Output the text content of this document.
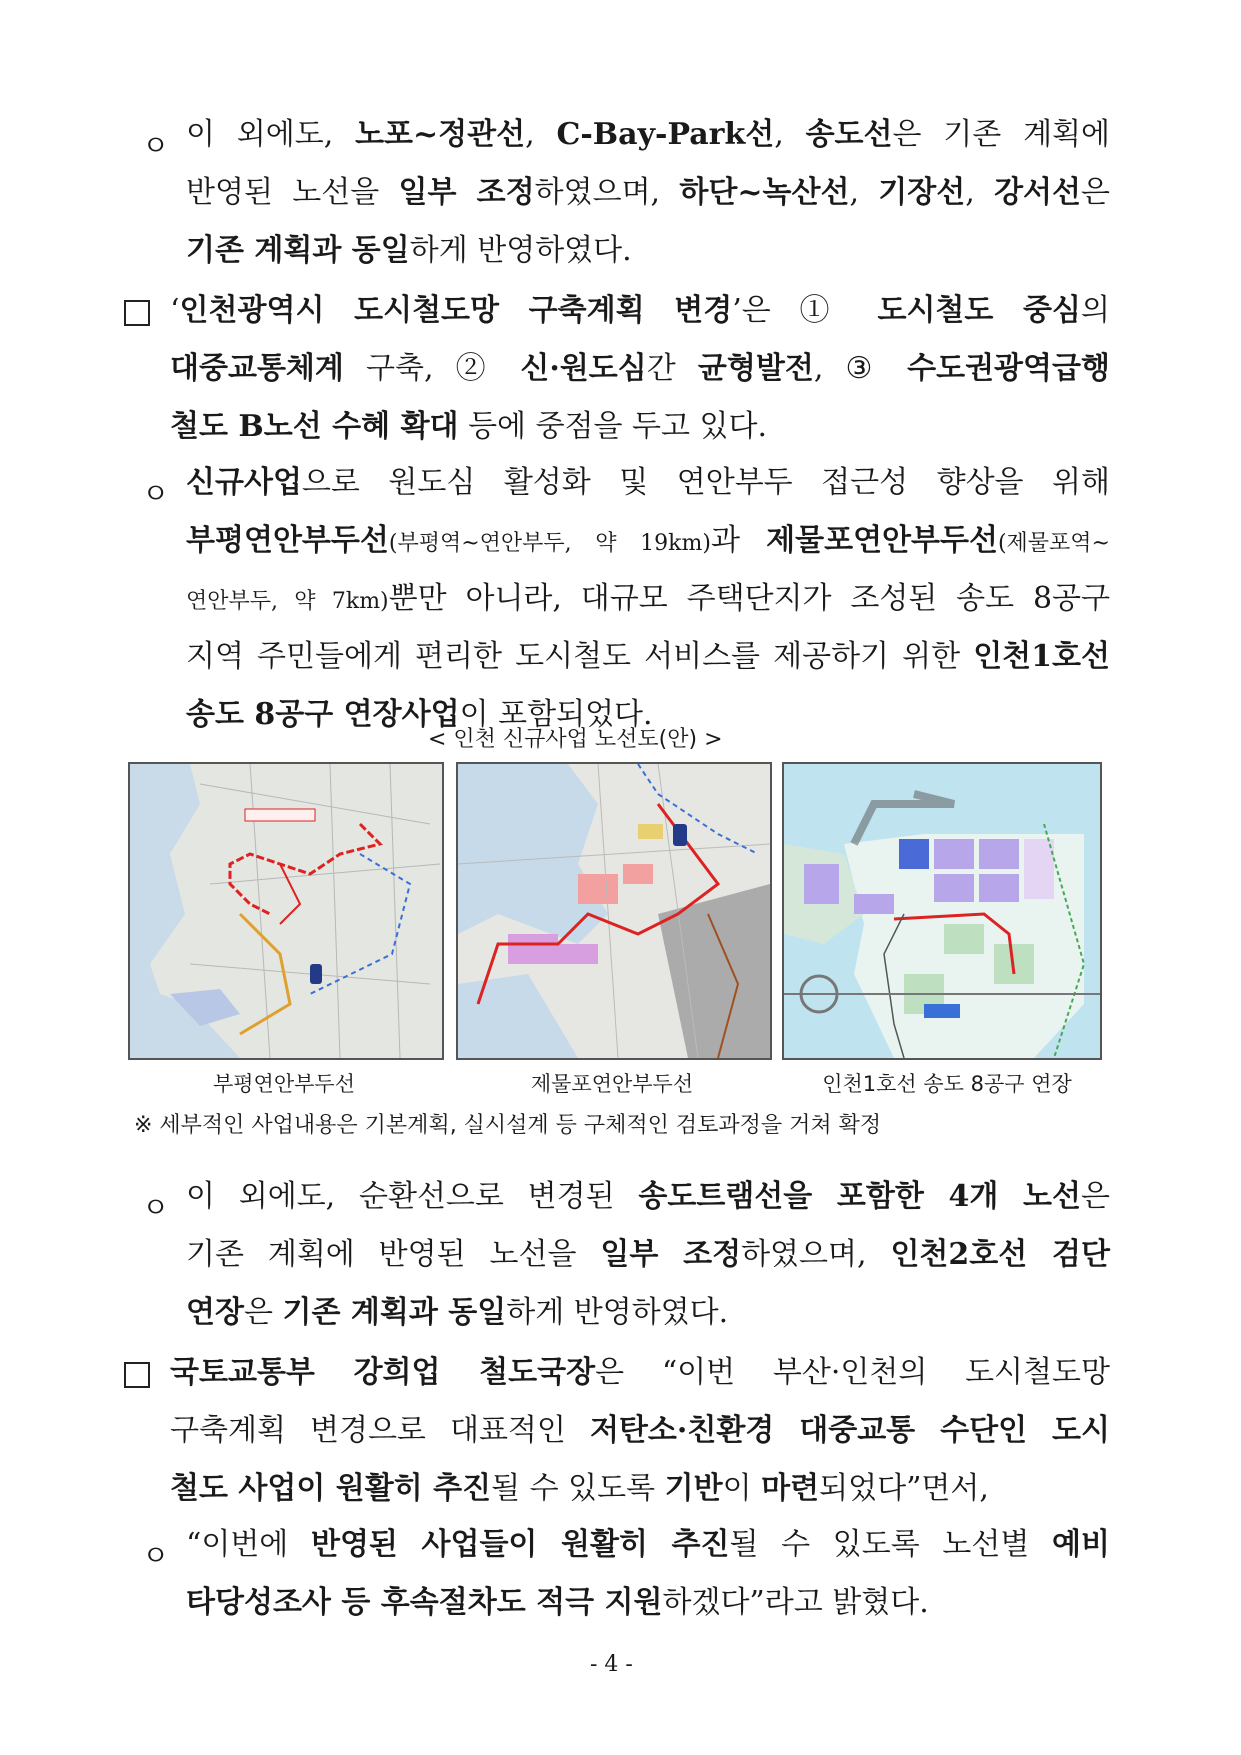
ㅇ 이 외에도, 노포~정관선, C-Bay-Park선, 송도선은 기존 계획에
반영된 노선을 일부 조정하였으며, 하단~녹산선, 기장선, 강서선은
기존 계획과 동일하게 반영하였다.
‘인천광역시 도시철도망 구축계획 변경’은 ① 도시철도 중심의
대중교통체계 구축, ② 신·원도심간 균형발전, ③ 수도권광역급행
철도 B노선 수혜 확대 등에 중점을 두고 있다.
ㅇ 신규사업으로 원도심 활성화 및 연안부두 접근성 향상을 위해
부평연안부두선(부평역~연안부두, 약 19km)과 제물포연안부두선(제물포역~
연안부두, 약 7km)뿐만 아니라, 대규모 주택단지가 조성된 송도 8공구
지역 주민들에게 편리한 도시철도 서비스를 제공하기 위한 인천1호선
송도 8공구 연장사업이 포함되었다.
< 인천 신규사업 노선도(안) >
부평연안부두선	제물포연안부두선	인천1호선 송도 8공구 연장
※ 세부적인 사업내용은 기본계획, 실시설계 등 구체적인 검토과정을 거쳐 확정
ㅇ 이 외에도, 순환선으로 변경된 송도트램선을 포함한 4개 노선은
기존 계획에 반영된 노선을 일부 조정하였으며, 인천2호선 검단
연장은 기존 계획과 동일하게 반영하였다.
국토교통부 강희업 철도국장은 “이번 부산·인천의 도시철도망
구축계획 변경으로 대표적인 저탄소·친환경 대중교통 수단인 도시
철도 사업이 원활히 추진될 수 있도록 기반이 마련되었다”면서,
ㅇ “이번에 반영된 사업들이 원활히 추진될 수 있도록 노선별 예비
타당성조사 등 후속절차도 적극 지원하겠다”라고 밝혔다.
- 4 -
